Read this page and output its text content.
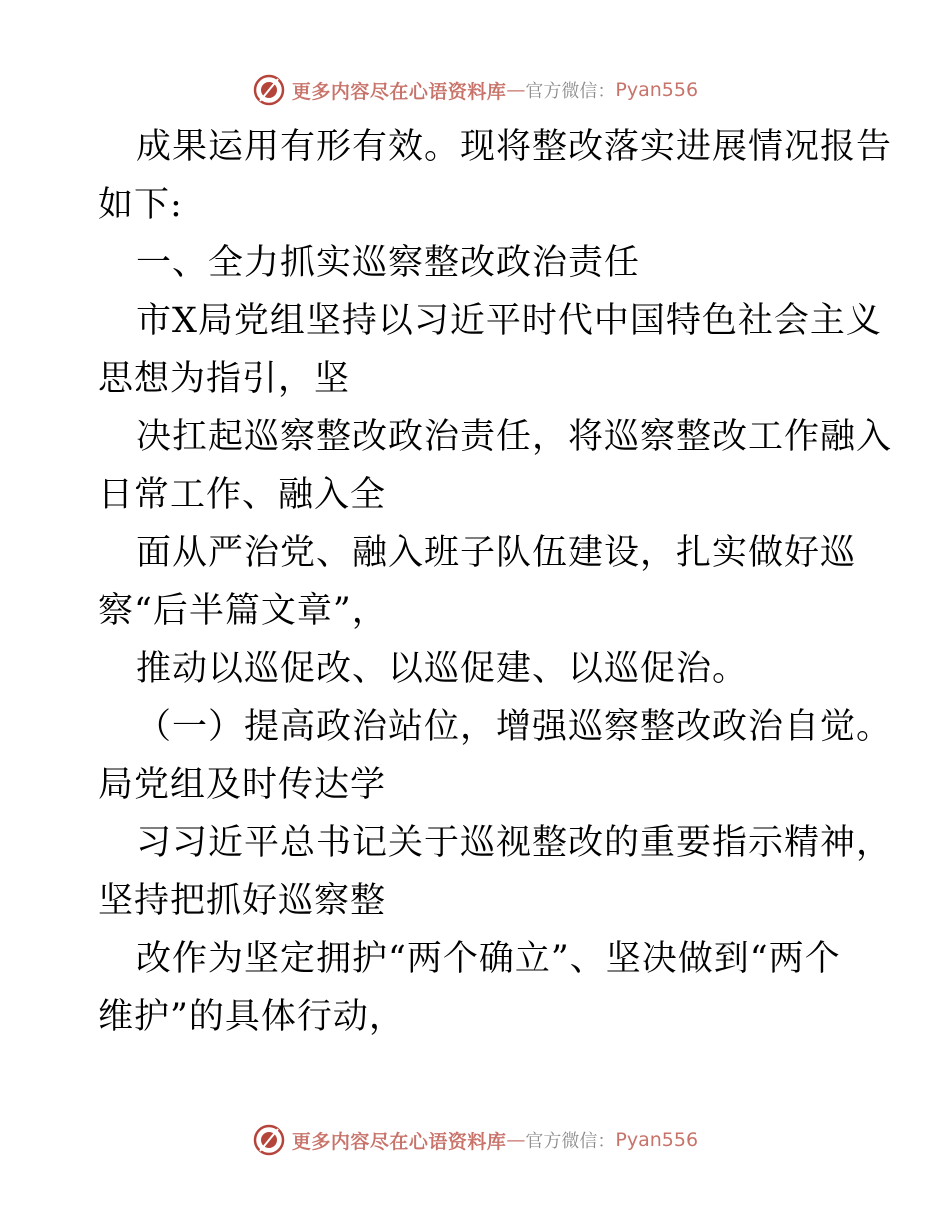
更多内容尽在心语资料库 — 官方微信： Pyan556
成果运用有形有效。现将整改落实进展情况报告
如下:
一、全力抓实巡察整改政治责任
市X局党组坚持以习近平时代中国特色社会主义
思想为指引，坚
决扛起巡察整改政治责任，将巡察整改工作融入
日常工作、融入全
面从严治党、融入班子队伍建设，扎实做好巡
察“后半篇文章”，
推动以巡促改、以巡促建、以巡促治。
（一）提高政治站位，增强巡察整改政治自觉。
局党组及时传达学
习习近平总书记关于巡视整改的重要指示精神，
坚持把抓好巡察整
改作为坚定拥护“两个确立”、坚决做到“两个
维护”的具体行动，
更多内容尽在心语资料库 — 官方微信： Pyan556
